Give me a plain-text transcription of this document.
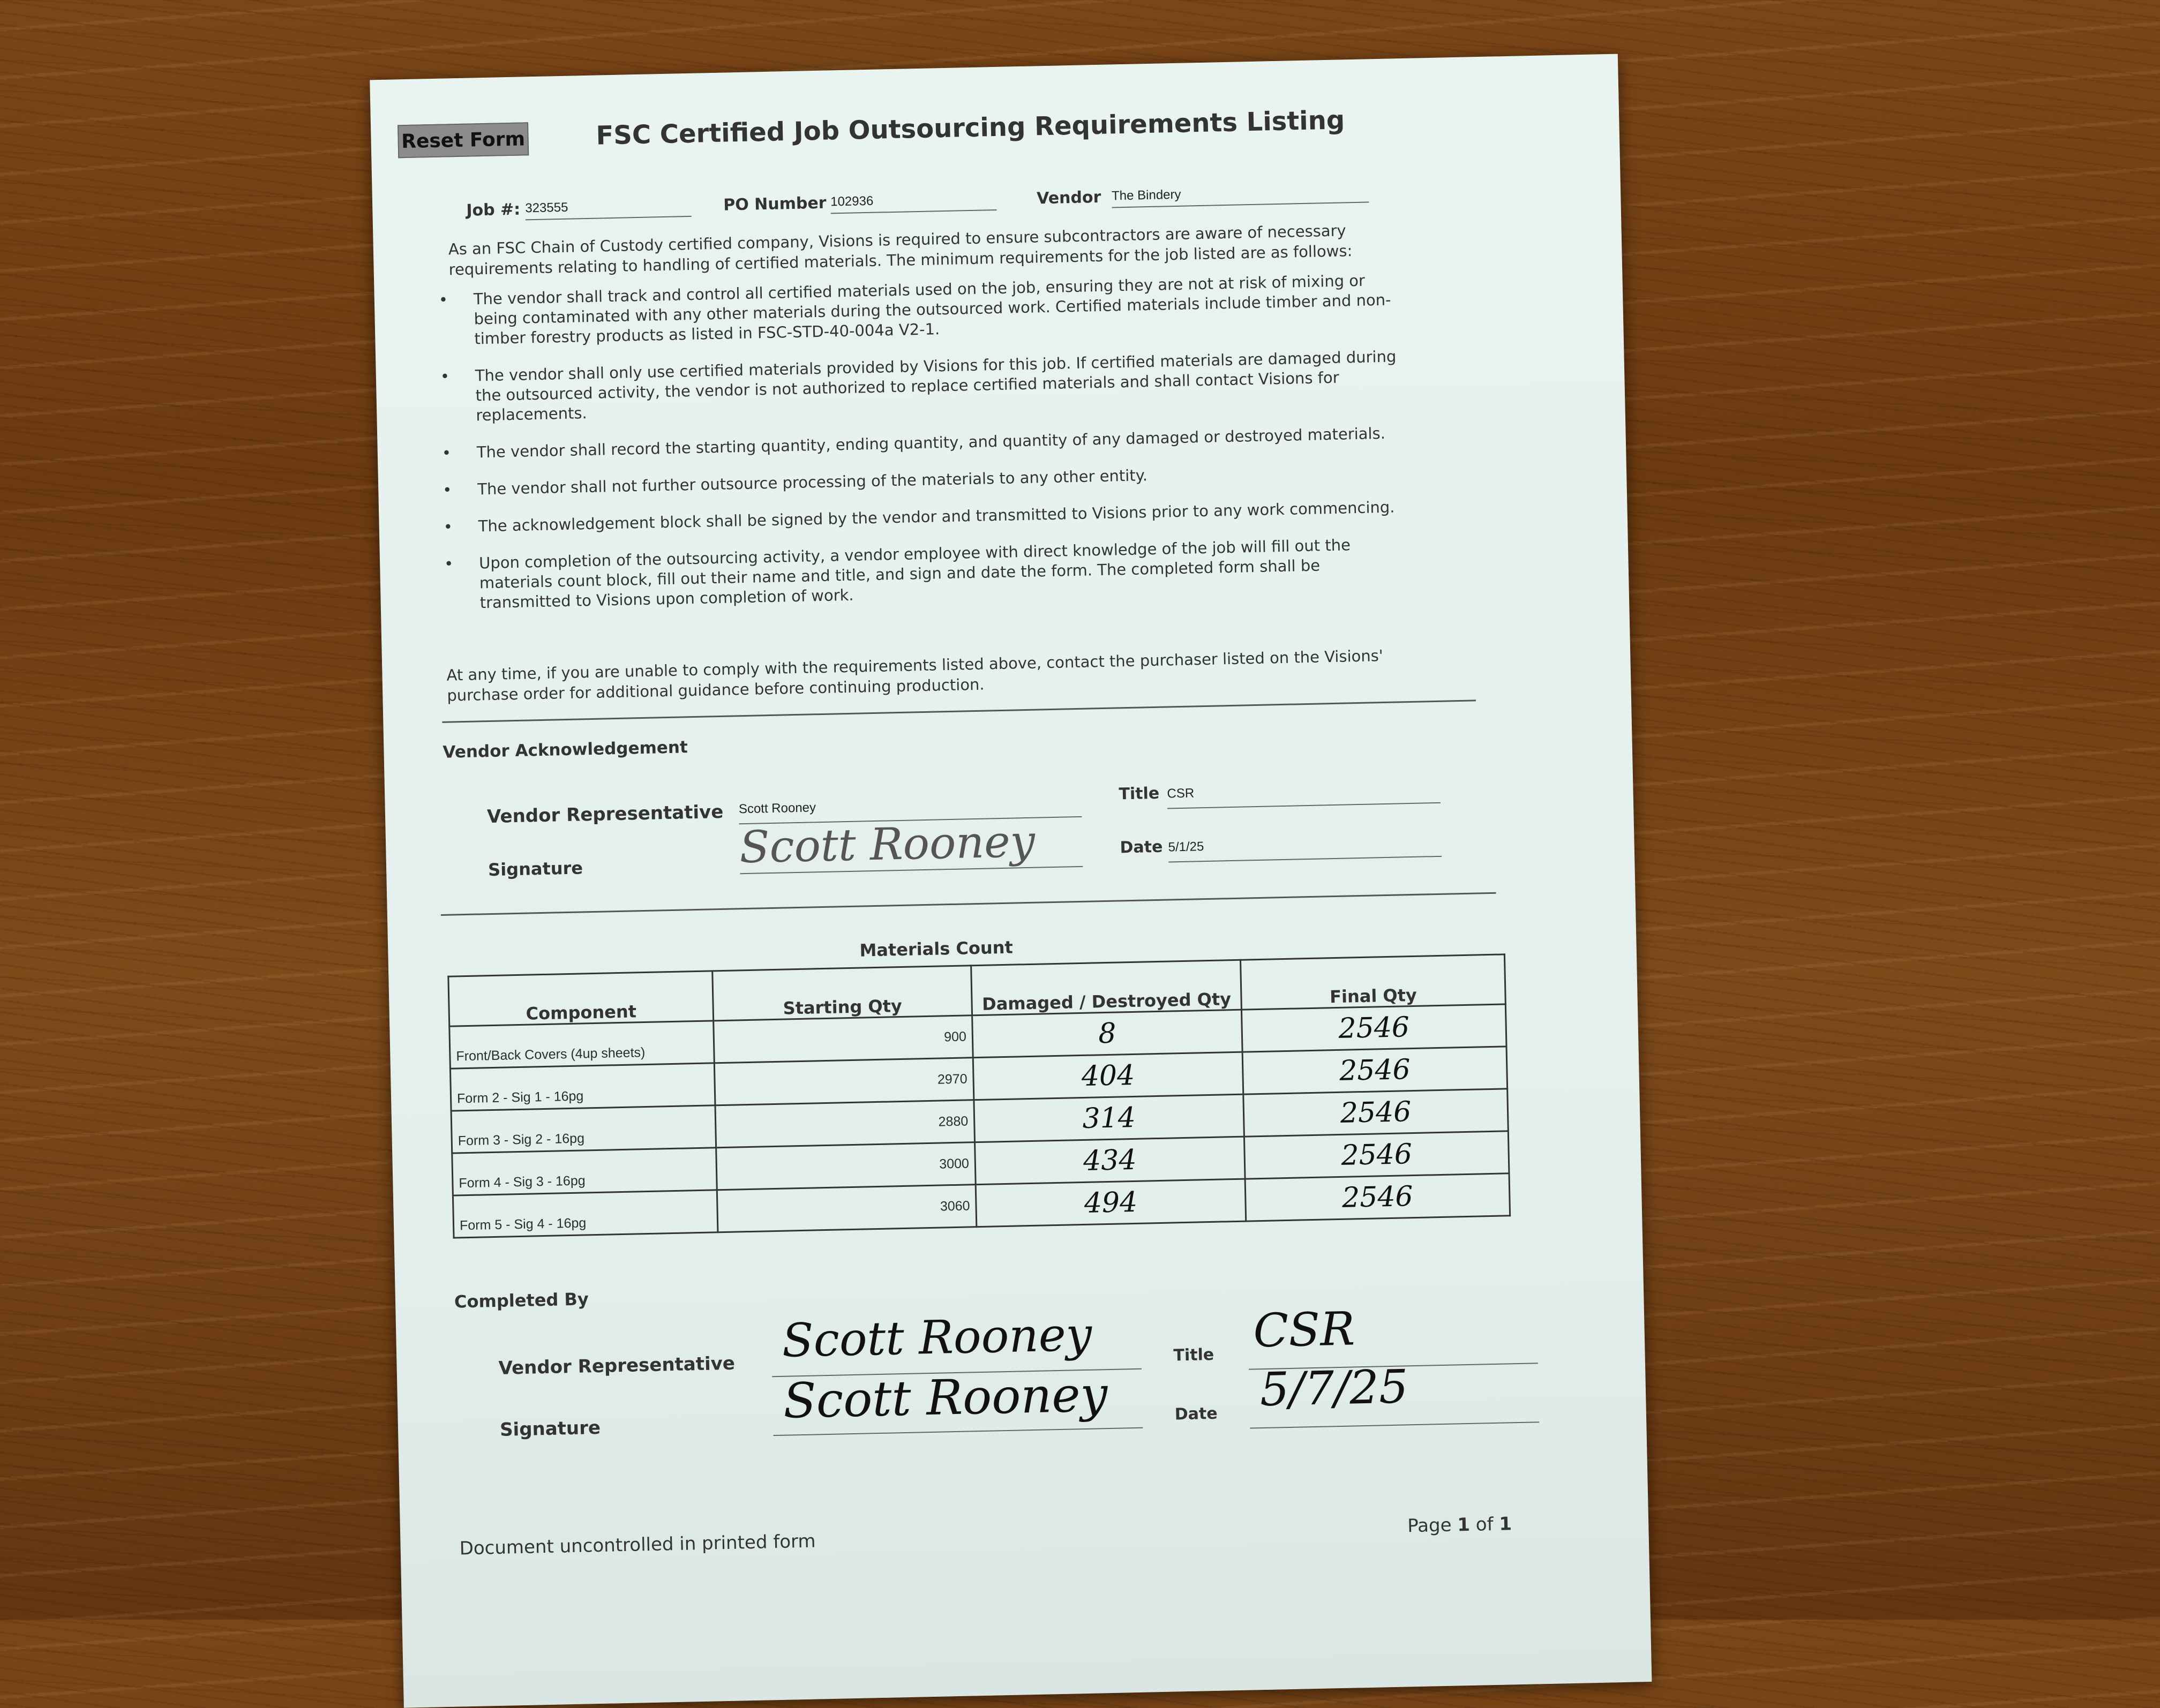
Reset Form	FSC Certified Job Outsourcing Requirements Listing
Job #: 323555	PO Number 102936	Vendor The Bindery
As an FSC Chain of Custody certified company, Visions is required to ensure subcontractors are aware of necessary requirements relating to handling of certified materials. The minimum requirements for the job listed are as follows:
•	The vendor shall track and control all certified materials used on the job, ensuring they are not at risk of mixing or being contaminated with any other materials during the outsourced work. Certified materials include timber and non-timber forestry products as listed in FSC-STD-40-004a V2-1.
•	The vendor shall only use certified materials provided by Visions for this job. If certified materials are damaged during the outsourced activity, the vendor is not authorized to replace certified materials and shall contact Visions for replacements.
•	The vendor shall record the starting quantity, ending quantity, and quantity of any damaged or destroyed materials.
•	The vendor shall not further outsource processing of the materials to any other entity.
•	The acknowledgement block shall be signed by the vendor and transmitted to Visions prior to any work commencing.
•	Upon completion of the outsourcing activity, a vendor employee with direct knowledge of the job will fill out the materials count block, fill out their name and title, and sign and date the form. The completed form shall be transmitted to Visions upon completion of work.
At any time, if you are unable to comply with the requirements listed above, contact the purchaser listed on the Visions' purchase order for additional guidance before continuing production.
Vendor Acknowledgement
Vendor Representative Scott Rooney
Title CSR
Signature	Scott Rooney	Date 5/1/25
Materials Count
Component	Starting Qty	Damaged / Destroyed Qty	Final Qty
Front/Back Covers (4up sheets)	900	8	2546
Form 2 - Sig 1 - 16pg	2970	404	2546
Form 3 - Sig 2 - 16pg	2880	314	2546
Form 4 - Sig 3 - 16pg	3000	434	2546
Form 5 - Sig 4 - 16pg	3060	494	2546
Completed By
Vendor Representative Scott Rooney	Title CSR
Signature	Scott Rooney	Date 5/7/25
Document uncontrolled in printed form
Page 1 of 1
